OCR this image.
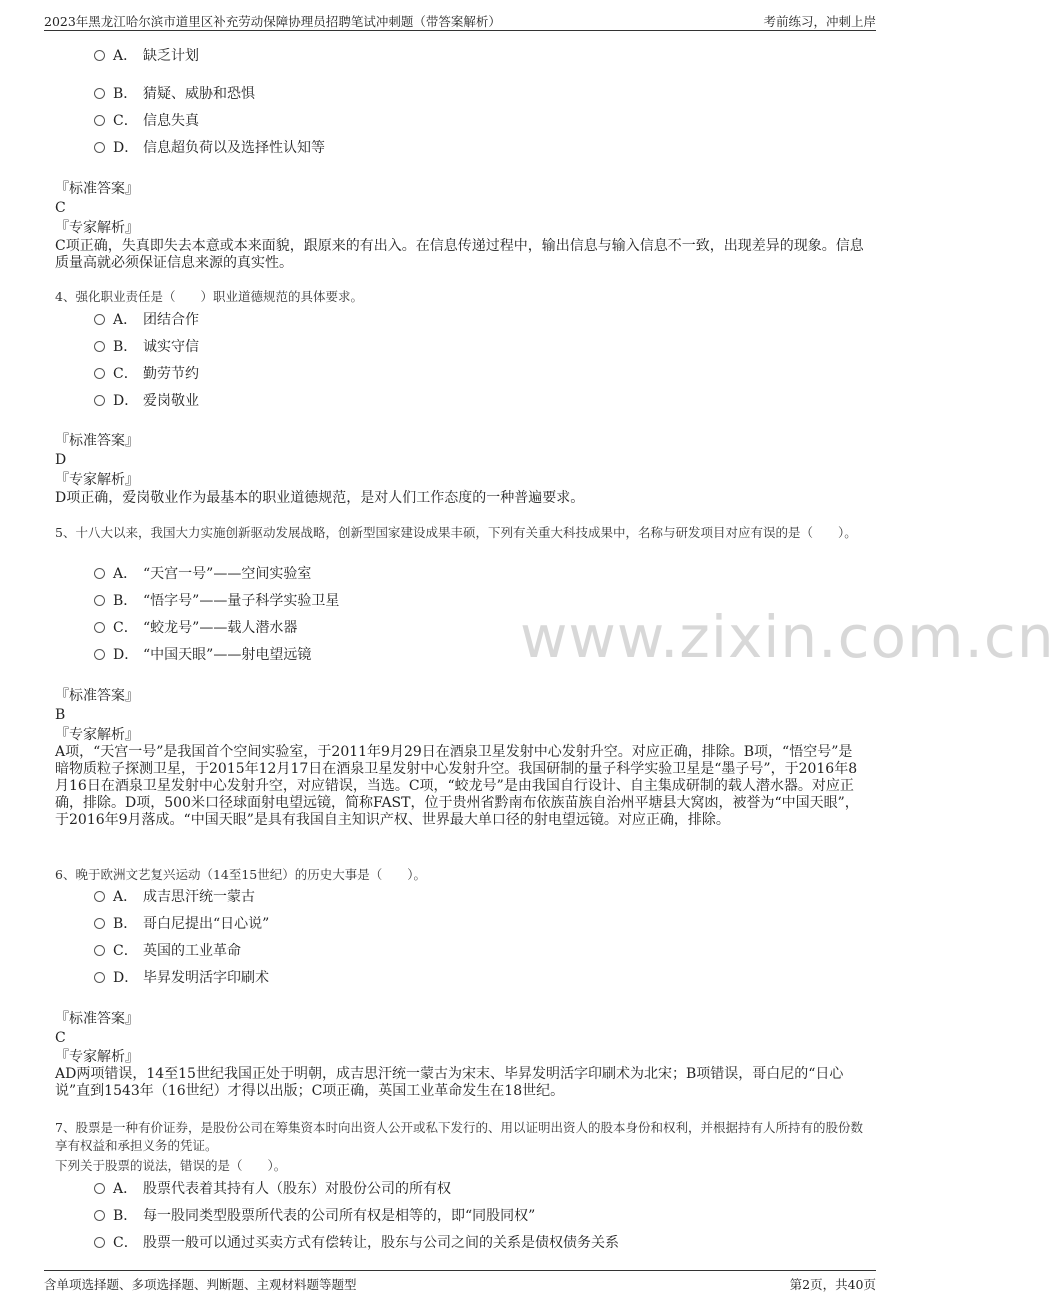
2023年黑龙江哈尔滨市道里区补充劳动保障协理员招聘笔试冲刺题（带答案解析）	考前练习，冲刺上岸
www.zixin.com.cn
A． 缺乏计划
B． 猜疑、威胁和恐惧
C． 信息失真
D． 信息超负荷以及选择性认知等
『标准答案』
C
『专家解析』
C项正确，失真即失去本意或本来面貌，跟原来的有出入。在信息传递过程中，输出信息与输入信息不一致，出现差异的现象。信息质量高就必须保证信息来源的真实性。
4、强化职业责任是（　　）职业道德规范的具体要求。
A． 团结合作
B． 诚实守信
C． 勤劳节约
D． 爱岗敬业
『标准答案』
D
『专家解析』
D项正确，爱岗敬业作为最基本的职业道德规范，是对人们工作态度的一种普遍要求。
5、十八大以来，我国大力实施创新驱动发展战略，创新型国家建设成果丰硕，下列有关重大科技成果中，名称与研发项目对应有误的是（　　）。
A． “天宫一号”——空间实验室
B． “悟字号”——量子科学实验卫星
C． “蛟龙号”——载人潜水器
D． “中国天眼”——射电望远镜
『标准答案』
B
『专家解析』
A项，“天宫一号”是我国首个空间实验室，于2011年9月29日在酒泉卫星发射中心发射升空。对应正确，排除。B项，“悟空号”是暗物质粒子探测卫星，于2015年12月17日在酒泉卫星发射中心发射升空。我国研制的量子科学实验卫星是“墨子号”，于2016年8月16日在酒泉卫星发射中心发射升空，对应错误，当选。C项，“蛟龙号”是由我国自行设计、自主集成研制的载人潜水器。对应正确，排除。D项，500米口径球面射电望远镜，简称FAST，位于贵州省黔南布依族苗族自治州平塘县大窝凼，被誉为“中国天眼”，于2016年9月落成。“中国天眼”是具有我国自主知识产权、世界最大单口径的射电望远镜。对应正确，排除。
6、晚于欧洲文艺复兴运动（14至15世纪）的历史大事是（　　）。
A． 成吉思汗统一蒙古
B． 哥白尼提出“日心说”
C． 英国的工业革命
D． 毕昇发明活字印刷术
『标准答案』
C
『专家解析』
AD两项错误，14至15世纪我国正处于明朝，成吉思汗统一蒙古为宋末、毕昇发明活字印刷术为北宋；B项错误，哥白尼的“日心说”直到1543年（16世纪）才得以出版；C项正确，英国工业革命发生在18世纪。
7、股票是一种有价证券，是股份公司在筹集资本时向出资人公开或私下发行的、用以证明出资人的股本身份和权利，并根据持有人所持有的股份数享有权益和承担义务的凭证。
下列关于股票的说法，错误的是（　　）。
A． 股票代表着其持有人（股东）对股份公司的所有权
B． 每一股同类型股票所代表的公司所有权是相等的，即“同股同权”
C． 股票一般可以通过买卖方式有偿转让，股东与公司之间的关系是债权债务关系
含单项选择题、多项选择题、判断题、主观材料题等题型	第2页，共40页
